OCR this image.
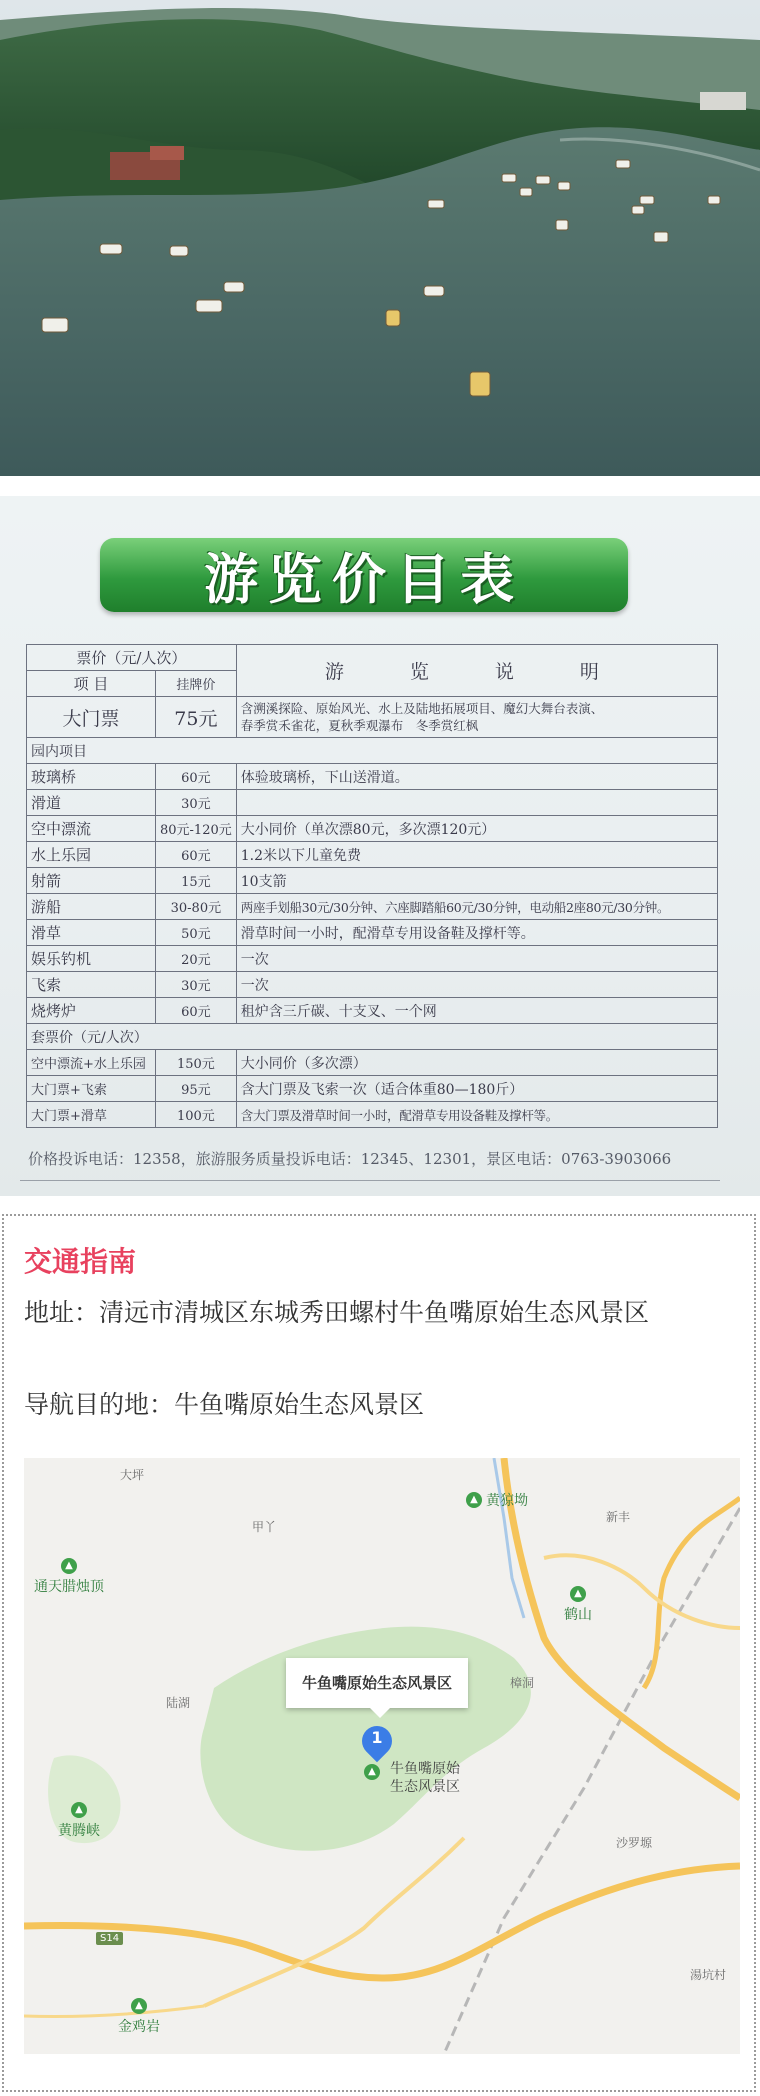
游览价目表
票价（元/人次）		游 览 说 明
项 目	挂牌价	
大门票	75元	含溯溪探险、原始风光、水上及陆地拓展项目、魔幻大舞台表演、
春季赏禾雀花，夏秋季观瀑布　冬季赏红枫

园内项目		
玻璃桥	60元	体验玻璃桥，下山送滑道。
滑道	30元	
空中漂流	80元-120元	大小同价（单次漂80元，多次漂120元）
水上乐园	60元	1.2米以下儿童免费
射箭	15元	10支箭
游船	30-80元	两座手划船30元/30分钟、六座脚踏船60元/30分钟，电动船2座80元/30分钟。
滑草	50元	滑草时间一小时，配滑草专用设备鞋及撑杆等。
娱乐钓机	20元	一次
飞索	30元	一次
烧烤炉	60元	租炉含三斤碳、十支叉、一个网
套票价（元/人次）		
空中漂流+水上乐园	150元	大小同价（多次漂）
大门票+飞索	95元	含大门票及飞索一次（适合体重80—180斤）
大门票+滑草	100元	含大门票及滑草时间一小时，配滑草专用设备鞋及撑杆等。
价格投诉电话：12358，旅游服务质量投诉电话：12345、12301，景区电话：0763-3903066
交通指南
地址：清远市清城区东城秀田螺村牛鱼嘴原始生态风景区
导航目的地：牛鱼嘴原始生态风景区
大坪
甲丫
▲ 黄猄坳
新丰
▲
通天腊烛顶	▲
鹤山
陆湖
樟洞
▲
黄腾峡
沙罗塬
S14
▲
金鸡岩
湯坑村
牛鱼嘴原始生态风景区
1
▲ 牛鱼嘴原始
生态风景区
